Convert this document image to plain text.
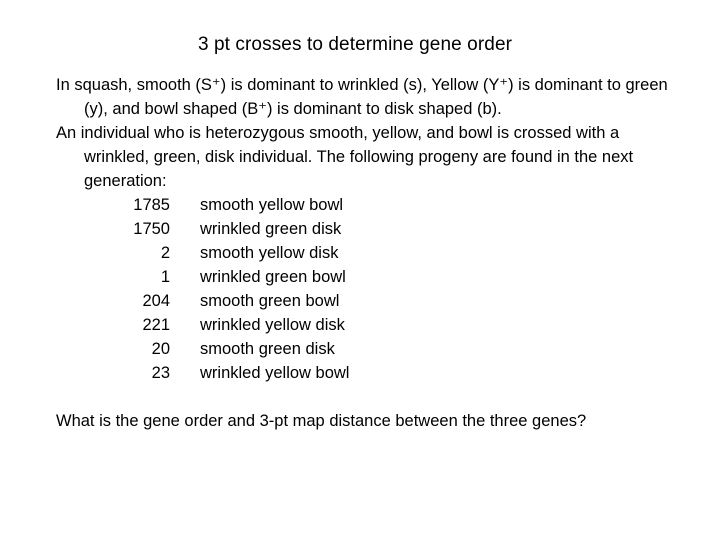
3 pt crosses to determine gene order

In squash, smooth (S⁺) is dominant to wrinkled (s), Yellow (Y⁺) is dominant to green (y), and bowl shaped (B⁺) is dominant to disk shaped (b).

An individual who is heterozygous smooth, yellow, and bowl is crossed with a wrinkled, green, disk individual. The following progeny are found in the next generation:

1785	smooth yellow bowl
1750	wrinkled green disk
2	smooth yellow disk
1	wrinkled green bowl
204	smooth green bowl
221	wrinkled yellow disk
20	smooth green disk
23	wrinkled yellow bowl

What is the gene order and 3-pt map distance between the three genes?
